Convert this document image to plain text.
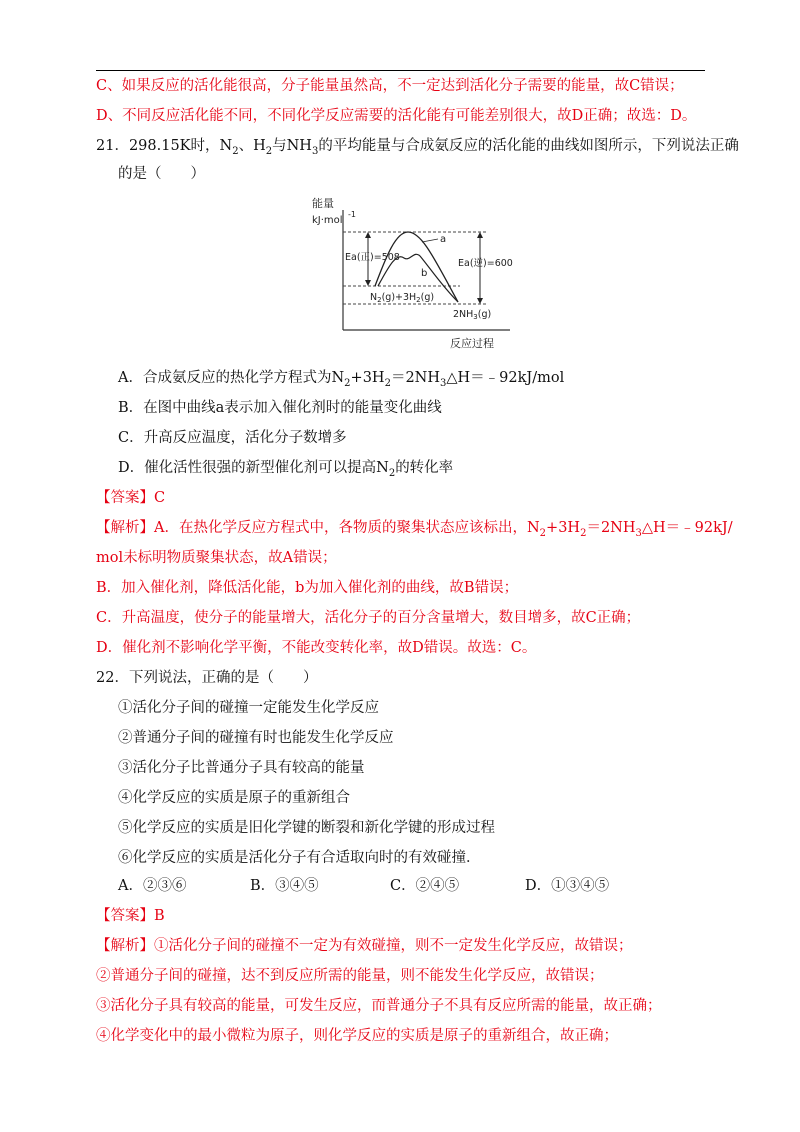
C、如果反应的活化能很高，分子能量虽然高，不一定达到活化分子需要的能量，故C错误；
D、不同反应活化能不同，不同化学反应需要的活化能有可能差别很大，故D正确；故选：D。
21．298.15K时，$N_2$、$H_2$与$NH_3$的平均能量与合成氨反应的活化能的曲线如图所示，下列说法正确
的是（　　）
能量
kJ·mol
-1
Ea(正)=508
Ea(逆)=600
a
b
$N_2(g)+3H_2(g)$
$2NH_3(g)$
反应过程
A．合成氨反应的热化学方程式为$N_2+3H_2=2NH_3\triangle H=﹣92kJ$/mol
B．在图中曲线a表示加入催化剂时的能量变化曲线
C．升高反应温度，活化分子数增多
D．催化活性很强的新型催化剂可以提高$N_2$的转化率
【答案】C
【解析】A．在热化学反应方程式中，各物质的聚集状态应该标出，$N_2+3H_2=2NH_3\triangle H=﹣92kJ/$
mol未标明物质聚集状态，故A错误；
B．加入催化剂，降低活化能，b为加入催化剂的曲线，故B错误；
C．升高温度，使分子的能量增大，活化分子的百分含量增大，数目增多，故C正确；
D．催化剂不影响化学平衡，不能改变转化率，故D错误。故选：C。
22．下列说法，正确的是（　　）
①活化分子间的碰撞一定能发生化学反应
②普通分子间的碰撞有时也能发生化学反应
③活化分子比普通分子具有较高的能量
④化学反应的实质是原子的重新组合
⑤化学反应的实质是旧化学键的断裂和新化学键的形成过程
⑥化学反应的实质是活化分子有合适取向时的有效碰撞．
A．②③⑥	B．③④⑤	C．②④⑤	D．①③④⑤
【答案】B
【解析】①活化分子间的碰撞不一定为有效碰撞，则不一定发生化学反应，故错误；
②普通分子间的碰撞，达不到反应所需的能量，则不能发生化学反应，故错误；
③活化分子具有较高的能量，可发生反应，而普通分子不具有反应所需的能量，故正确；
④化学变化中的最小微粒为原子，则化学反应的实质是原子的重新组合，故正确；
